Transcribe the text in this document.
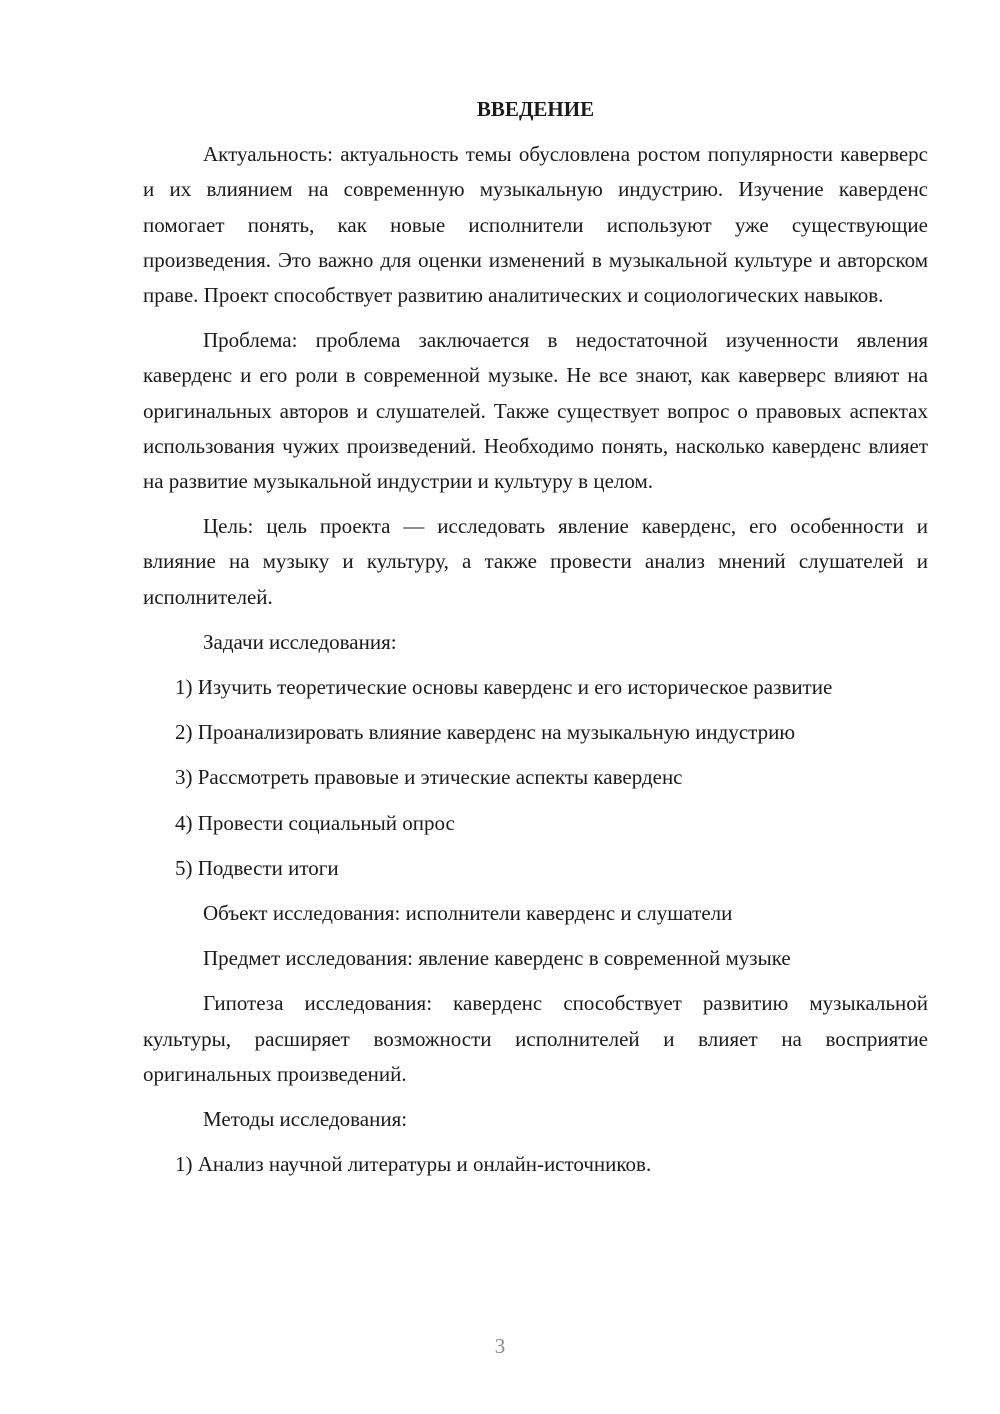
ВВЕДЕНИЕ

Актуальность: актуальность темы обусловлена ростом популярности каверверс и их влиянием на современную музыкальную индустрию. Изучение каверденс помогает понять, как новые исполнители используют уже существующие произведения. Это важно для оценки изменений в музыкальной культуре и авторском праве. Проект способствует развитию аналитических и социологических навыков.

Проблема: проблема заключается в недостаточной изученности явления каверденс и его роли в современной музыке. Не все знают, как каверверс влияют на оригинальных авторов и слушателей. Также существует вопрос о правовых аспектах использования чужих произведений. Необходимо понять, насколько каверденс влияет на развитие музыкальной индустрии и культуру в целом.

Цель: цель проекта — исследовать явление каверденс, его особенности и влияние на музыку и культуру, а также провести анализ мнений слушателей и исполнителей.

Задачи исследования:

1) Изучить теоретические основы каверденс и его историческое развитие

2) Проанализировать влияние каверденс на музыкальную индустрию

3) Рассмотреть правовые и этические аспекты каверденс

4) Провести социальный опрос

5) Подвести итоги

Объект исследования: исполнители каверденс и слушатели

Предмет исследования: явление каверденс в современной музыке

Гипотеза исследования: каверденс способствует развитию музыкальной культуры, расширяет возможности исполнителей и влияет на восприятие оригинальных произведений.

Методы исследования:

1) Анализ научной литературы и онлайн-источников.

3
